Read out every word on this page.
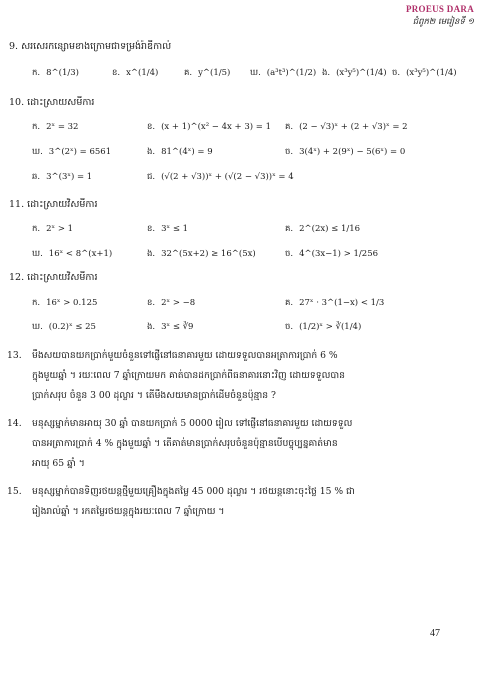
PROEUS DARA
ជំពូក២ មេរៀនទី ១
9. សរសេរកន្សោមខាងក្រោមជាទម្រង់រ៉ាឌីកាល់
ក. 8^(1/3)	ខ. x^(1/4)	គ. y^(1/5) ឃ. (a³t³)^(1/2) ង. (x³y⁵)^(1/4) ច. (x³y⁵)^(1/4)
10. ដោះស្រាយសមីការ
ក. 2ˣ = 32	ខ. (x + 1)^(x² − 4x + 3) = 1 គ. (2 − √3)ˣ + (2 + √3)ˣ = 2
ឃ. 3^(2ˣ) = 6561	ង. 81^(4ˣ) = 9	ច. 3(4ˣ) + 2(9ˣ) − 5(6ˣ) = 0
ឆ. 3^(3ˣ) = 1	ជ. (√(2 + √3))ˣ + (√(2 − √3))ˣ = 4
11. ដោះស្រាយវិសមីការ
ក. 2ˣ > 1	ខ. 3ˣ ≤ 1	គ. 2^(2x) ≤ 1/16
ឃ. 16ˣ < 8^(x+1)	ង. 32^(5x+2) ≥ 16^(5x)	ច. 4^(3x−1) > 1/256
12. ដោះស្រាយវិសមីការ
ក. 16ˣ > 0.125	ខ. 2ˣ > −8	គ. 27ˣ · 3^(1−x) < 1/3
ឃ. (0.2)ˣ ≤ 25	ង. 3ˣ ≤ ∛9	ច. (1/2)ˣ > ∛(1/4)
13. មឹងសយបានយកប្រាក់មួយចំនួនទៅផ្ញើនៅធនាគារមួយ ដោយទទួលបានអត្រាការប្រាក់ 6 %
ក្នុងមួយឆ្នាំ ។ រយៈពេល 7 ឆ្នាំក្រោយមក គាត់បានដកប្រាក់ពីធនាគារនោះវិញ ដោយទទួលបាន
ប្រាក់សរុប ចំនួន 3 00 ដុល្លារ ។ តើមឹងសយមានប្រាក់ដើមចំនួនប៉ុន្មាន ?
14. មនុស្សម្នាក់មានអាយុ 30 ឆ្នាំ បានយកប្រាក់ 5 0000 រៀល ទៅផ្ញើនៅធនាគារមួយ ដោយទទួល
បានអត្រាការប្រាក់ 4 % ក្នុងមួយឆ្នាំ ។ តើគាត់មានប្រាក់សរុបចំនួនប៉ុន្មានបើបច្ចុប្បន្នគាត់មាន
អាយុ 65 ឆ្នាំ ។
15. មនុស្សម្នាក់បានទិញរថយន្តថ្មីមួយគ្រឿងក្នុងតម្លៃ 45 000 ដុល្លារ ។ រថយន្តនោះចុះថ្លៃ 15 % ជា
រៀងរាល់ឆ្នាំ ។ រកតម្លៃរថយន្តក្នុងរយៈពេល 7 ឆ្នាំក្រោយ ។
47
